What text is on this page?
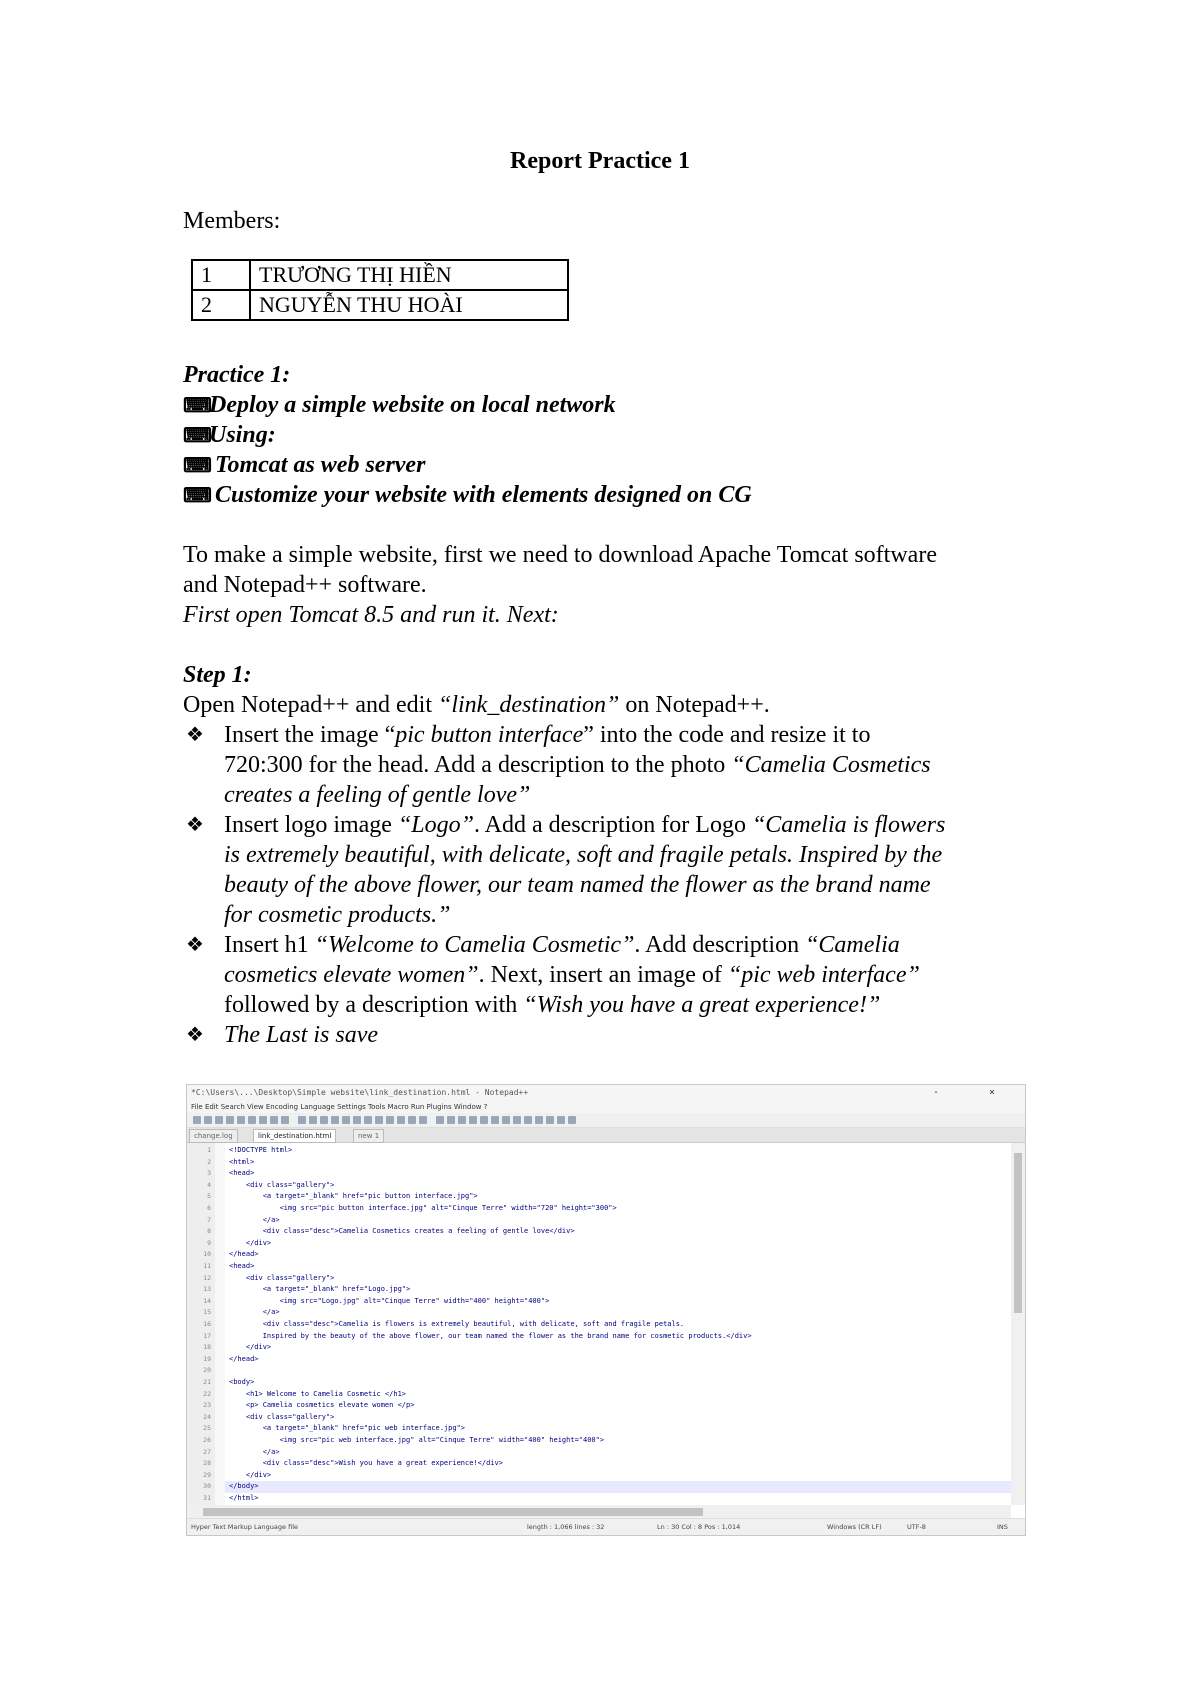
Report Practice 1
Members:
1	TRƯƠNG THỊ HIỀN
2	NGUYỄN THU HOÀI
Practice 1:
⌨Deploy a simple website on local network
⌨Using:
⌨ Tomcat as web server
⌨ Customize your website with elements designed on CG
To make a simple website, first we need to download Apache Tomcat software
and Notepad++ software.
First open Tomcat 8.5 and run it. Next:
Step 1:
Open Notepad++ and edit “link_destination” on Notepad++.
❖ Insert the image “pic button interface” into the code and resize it to
720:300 for the head. Add a description to the photo “Camelia Cosmetics
creates a feeling of gentle love”
❖ Insert logo image “Logo”. Add a description for Logo “Camelia is flowers
is extremely beautiful, with delicate, soft and fragile petals. Inspired by the
beauty of the above flower, our team named the flower as the brand name
for cosmetic products.”
❖ Insert h1 “Welcome to Camelia Cosmetic”. Add description “Camelia
cosmetics elevate women”. Next, insert an image of “pic web interface”
followed by a description with “Wish you have a great experience!”
❖ The Last is save
*C:\Users\...\Desktop\Simple website\link_destination.html - Notepad++	- ×
File Edit Search View Encoding Language Settings Tools Macro Run Plugins Window ?
change.log	link_destination.html	new 1
1	<!DOCTYPE html>
2	<html>
3	<head>
4	<div class="gallery">
5	<a target="_blank" href="pic button interface.jpg">
6	<img src="pic button interface.jpg" alt="Cinque Terre" width="720" height="300">
7	</a>
8	<div class="desc">Camelia Cosmetics creates a feeling of gentle love</div>
9	</div>
10	</head>
11	<head>
12	<div class="gallery">
13	<a target="_blank" href="Logo.jpg">
14	<img src="Logo.jpg" alt="Cinque Terre" width="400" height="400">
15	</a>
16	<div class="desc">Camelia is flowers is extremely beautiful, with delicate, soft and fragile petals.
17	Inspired by the beauty of the above flower, our team named the flower as the brand name for cosmetic products.</div>
18	</div>
19	</head>
20
21	<body>
22	<h1> Welcome to Camelia Cosmetic </h1>
23	<p> Camelia cosmetics elevate women </p>
24	<div class="gallery">
25	<a target="_blank" href="pic web interface.jpg">
26	<img src="pic web interface.jpg" alt="Cinque Terre" width="400" height="400">
27	</a>
28	<div class="desc">Wish you have a great experience!</div>
29	</div>
30	</body>
31	</html>
Hyper Text Markup Language file	length : 1,066 lines : 32	Ln : 30 Col : 8 Pos : 1,014	Windows (CR LF)	UTF-8	INS
